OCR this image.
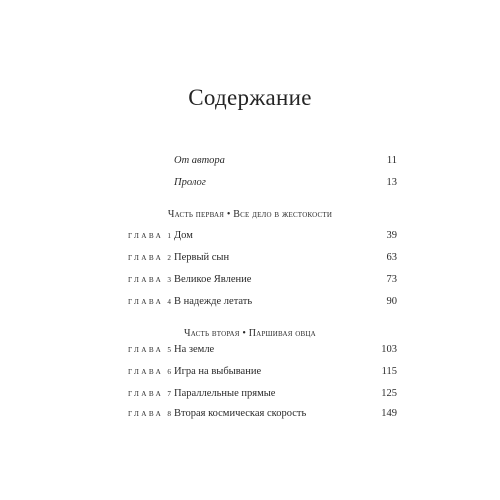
Содержание
От автора	11
Пролог	13
Часть первая • Все дело в жестокости
ГЛАВА 1 Дом	39
ГЛАВА 2 Первый сын	63
ГЛАВА 3 Великое Явление	73
ГЛАВА 4 В надежде летать	90
Часть вторая • Паршивая овца
ГЛАВА 5 На земле	103
ГЛАВА 6 Игра на выбывание	115
ГЛАВА 7 Параллельные прямые	125
ГЛАВА 8 Вторая космическая скорость	149
